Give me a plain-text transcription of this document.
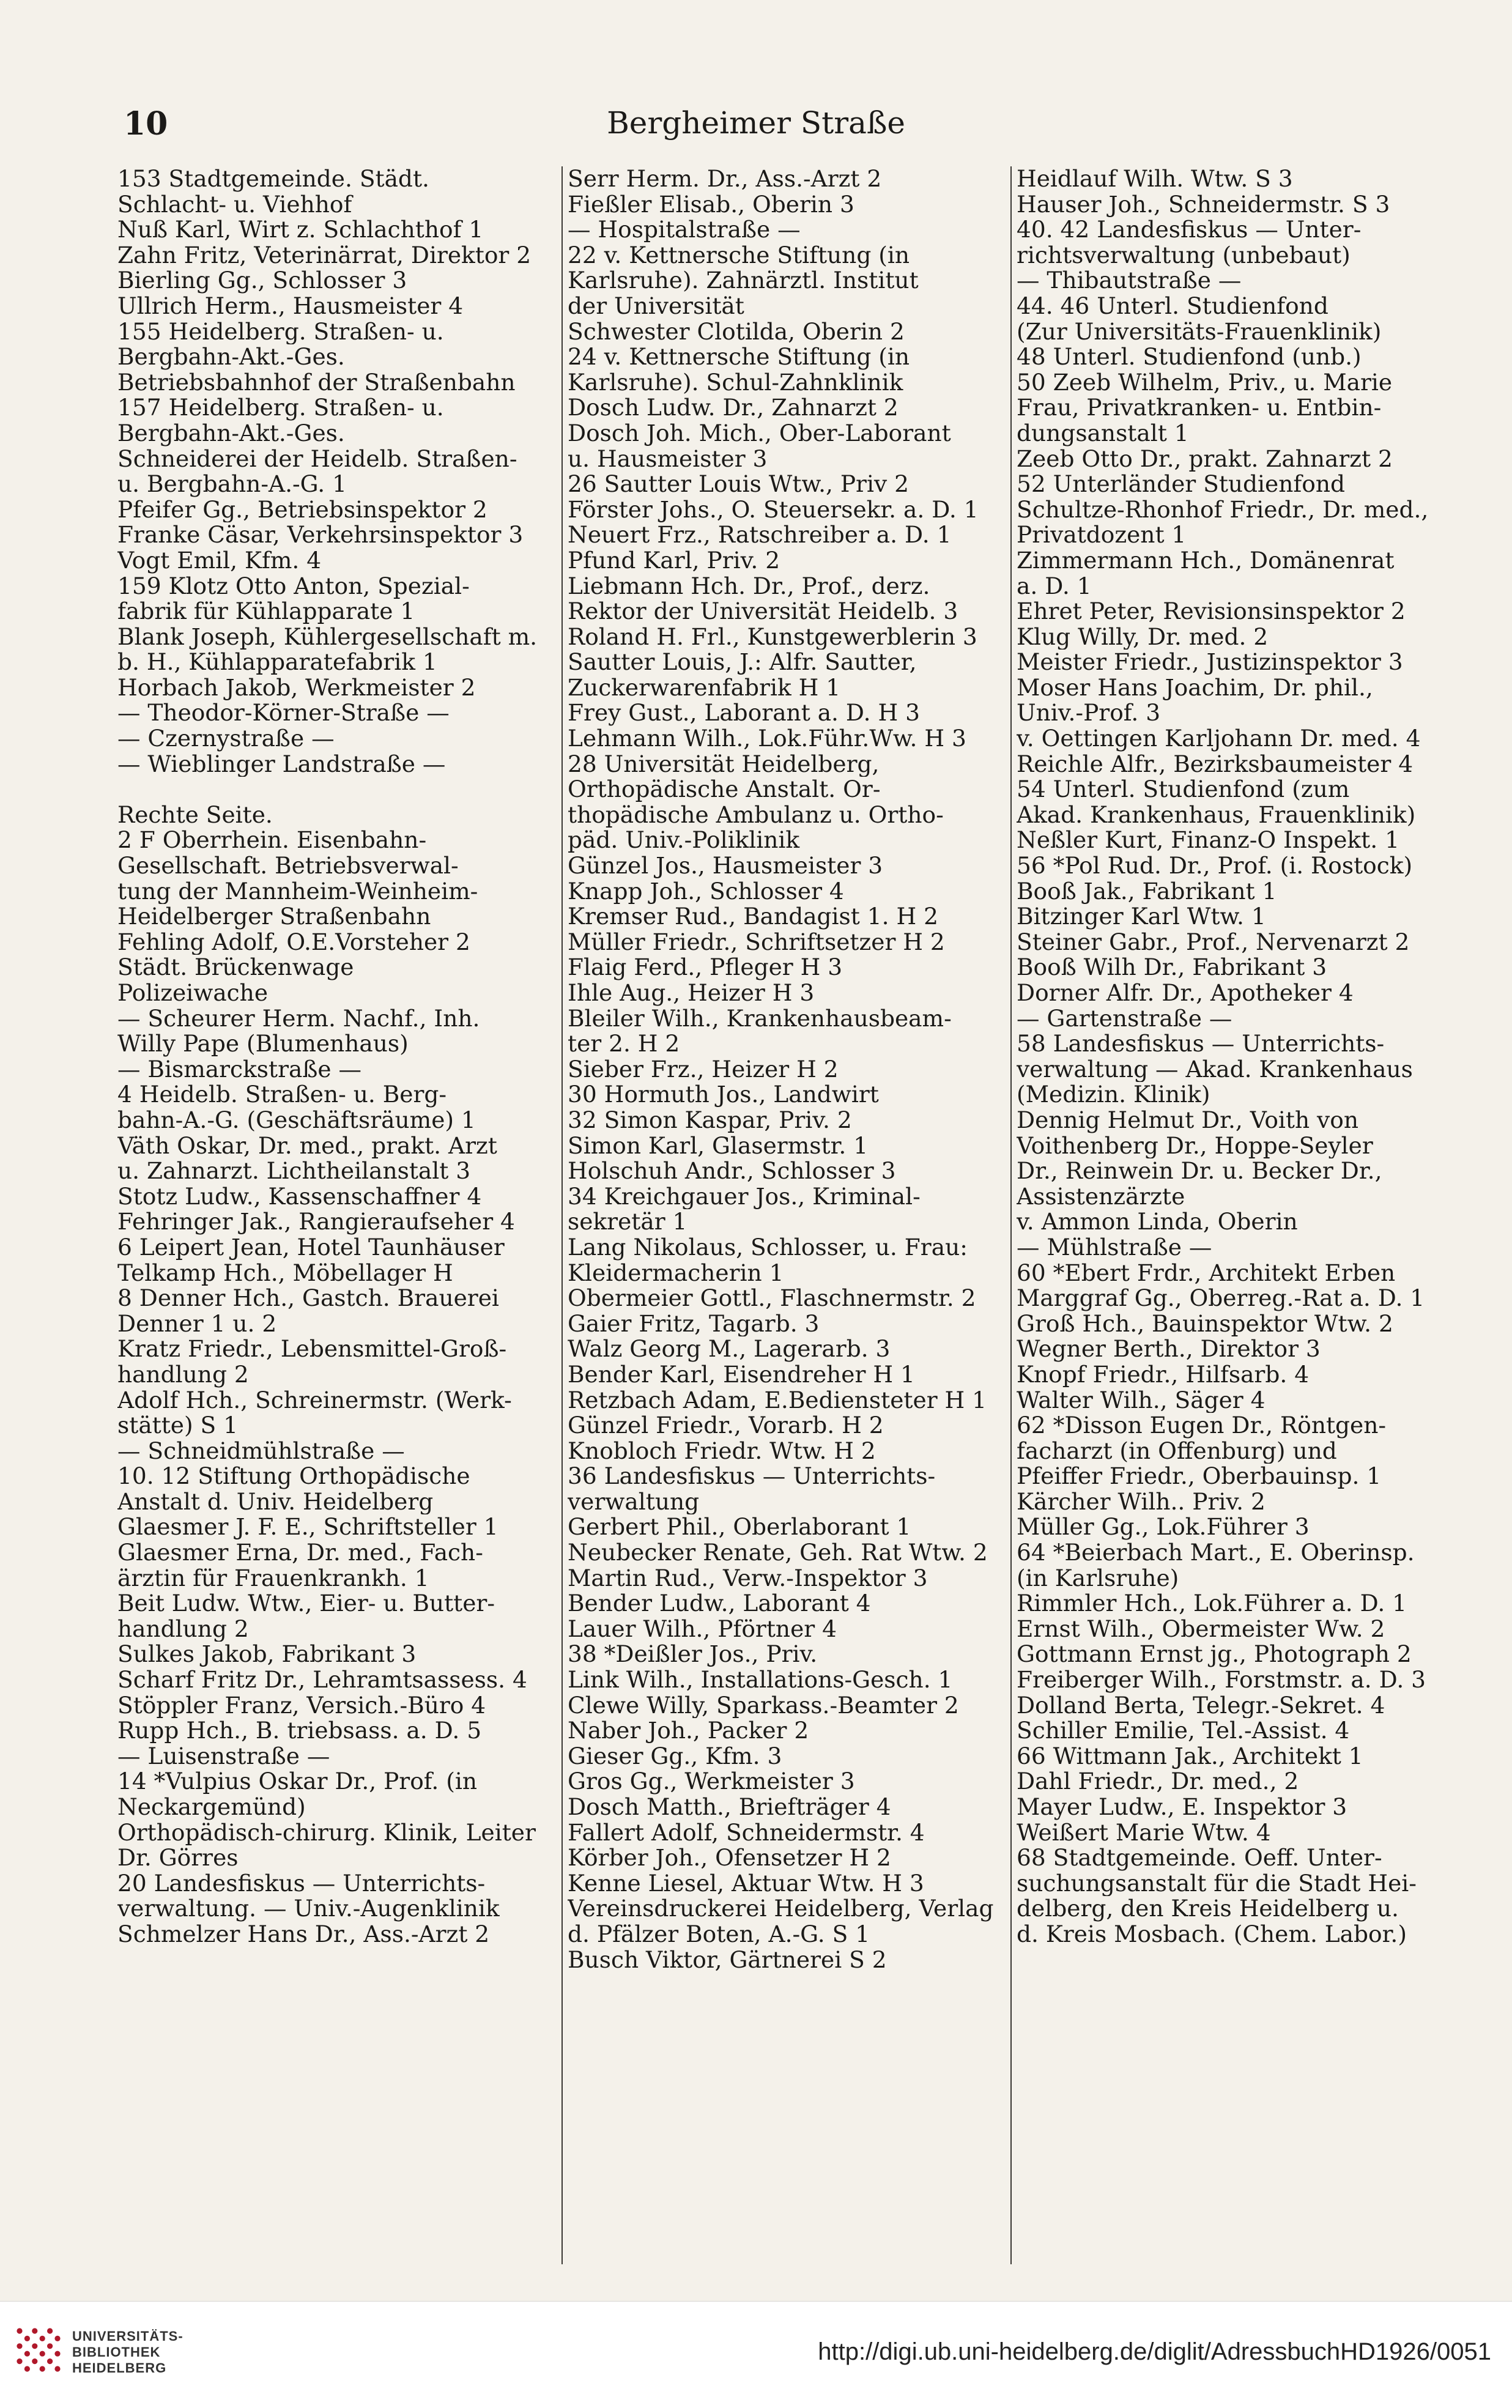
10	Bergheimer Straße
153 Stadtgemeinde. Städt.
Schlacht- u. Viehhof
Nuß Karl, Wirt z. Schlachthof 1
Zahn Fritz, Veterinärrat, Direktor 2
Bierling Gg., Schlosser 3
Ullrich Herm., Hausmeister 4
155 Heidelberg. Straßen- u.
Bergbahn-Akt.-Ges.
Betriebsbahnhof der Straßenbahn
157 Heidelberg. Straßen- u.
Bergbahn-Akt.-Ges.
Schneiderei der Heidelb. Straßen-
u. Bergbahn-A.-G. 1
Pfeifer Gg., Betriebsinspektor 2
Franke Cäsar, Verkehrsinspektor 3
Vogt Emil, Kfm. 4
159 Klotz Otto Anton, Spezial-
fabrik für Kühlapparate 1
Blank Joseph, Kühlergesellschaft m.
b. H., Kühlapparatefabrik 1
Horbach Jakob, Werkmeister 2
— Theodor-Körner-Straße —
— Czernystraße —
— Wieblinger Landstraße —
Rechte Seite.
2 F Oberrhein. Eisenbahn-
Gesellschaft. Betriebsverwal-
tung der Mannheim-Weinheim-
Heidelberger Straßenbahn
Fehling Adolf, O.E.Vorsteher 2
Städt. Brückenwage
Polizeiwache
— Scheurer Herm. Nachf., Inh.
Willy Pape (Blumenhaus)
— Bismarckstraße —
4 Heidelb. Straßen- u. Berg-
bahn-A.-G. (Geschäftsräume) 1
Väth Oskar, Dr. med., prakt. Arzt
u. Zahnarzt. Lichtheilanstalt 3
Stotz Ludw., Kassenschaffner 4
Fehringer Jak., Rangieraufseher 4
6 Leipert Jean, Hotel Taunhäuser
Telkamp Hch., Möbellager H
8 Denner Hch., Gastch. Brauerei
Denner 1 u. 2
Kratz Friedr., Lebensmittel-Groß-
handlung 2
Adolf Hch., Schreinermstr. (Werk-
stätte) S 1
— Schneidmühlstraße —
10. 12 Stiftung Orthopädische
Anstalt d. Univ. Heidelberg
Glaesmer J. F. E., Schriftsteller 1
Glaesmer Erna, Dr. med., Fach-
ärztin für Frauenkrankh. 1
Beit Ludw. Wtw., Eier- u. Butter-
handlung 2
Sulkes Jakob, Fabrikant 3
Scharf Fritz Dr., Lehramtsassess. 4
Stöppler Franz, Versich.-Büro 4
Rupp Hch., B. triebsass. a. D. 5
— Luisenstraße —
14 *Vulpius Oskar Dr., Prof. (in
Neckargemünd)
Orthopädisch-chirurg. Klinik, Leiter
Dr. Görres
20 Landesfiskus — Unterrichts-
verwaltung. — Univ.-Augenklinik
Schmelzer Hans Dr., Ass.-Arzt 2
Serr Herm. Dr., Ass.-Arzt 2
Fießler Elisab., Oberin 3
— Hospitalstraße —
22 v. Kettnersche Stiftung (in
Karlsruhe). Zahnärztl. Institut
der Universität
Schwester Clotilda, Oberin 2
24 v. Kettnersche Stiftung (in
Karlsruhe). Schul-Zahnklinik
Dosch Ludw. Dr., Zahnarzt 2
Dosch Joh. Mich., Ober-Laborant
u. Hausmeister 3
26 Sautter Louis Wtw., Priv 2
Förster Johs., O. Steuersekr. a. D. 1
Neuert Frz., Ratschreiber a. D. 1
Pfund Karl, Priv. 2
Liebmann Hch. Dr., Prof., derz.
Rektor der Universität Heidelb. 3
Roland H. Frl., Kunstgewerblerin 3
Sautter Louis, J.: Alfr. Sautter,
Zuckerwarenfabrik H 1
Frey Gust., Laborant a. D. H 3
Lehmann Wilh., Lok.Führ.Ww. H 3
28 Universität Heidelberg,
Orthopädische Anstalt. Or-
thopädische Ambulanz u. Ortho-
päd. Univ.-Poliklinik
Günzel Jos., Hausmeister 3
Knapp Joh., Schlosser 4
Kremser Rud., Bandagist 1. H 2
Müller Friedr., Schriftsetzer H 2
Flaig Ferd., Pfleger H 3
Ihle Aug., Heizer H 3
Bleiler Wilh., Krankenhausbeam-
ter 2. H 2
Sieber Frz., Heizer H 2
30 Hormuth Jos., Landwirt
32 Simon Kaspar, Priv. 2
Simon Karl, Glasermstr. 1
Holschuh Andr., Schlosser 3
34 Kreichgauer Jos., Kriminal-
sekretär 1
Lang Nikolaus, Schlosser, u. Frau:
Kleidermacherin 1
Obermeier Gottl., Flaschnermstr. 2
Gaier Fritz, Tagarb. 3
Walz Georg M., Lagerarb. 3
Bender Karl, Eisendreher H 1
Retzbach Adam, E.Bediensteter H 1
Günzel Friedr., Vorarb. H 2
Knobloch Friedr. Wtw. H 2
36 Landesfiskus — Unterrichts-
verwaltung
Gerbert Phil., Oberlaborant 1
Neubecker Renate, Geh. Rat Wtw. 2
Martin Rud., Verw.-Inspektor 3
Bender Ludw., Laborant 4
Lauer Wilh., Pförtner 4
38 *Deißler Jos., Priv.
Link Wilh., Installations-Gesch. 1
Clewe Willy, Sparkass.-Beamter 2
Naber Joh., Packer 2
Gieser Gg., Kfm. 3
Gros Gg., Werkmeister 3
Dosch Matth., Briefträger 4
Fallert Adolf, Schneidermstr. 4
Körber Joh., Ofensetzer H 2
Kenne Liesel, Aktuar Wtw. H 3
Vereinsdruckerei Heidelberg, Verlag
d. Pfälzer Boten, A.-G. S 1
Busch Viktor, Gärtnerei S 2
Heidlauf Wilh. Wtw. S 3
Hauser Joh., Schneidermstr. S 3
40. 42 Landesfiskus — Unter-
richtsverwaltung (unbebaut)
— Thibautstraße —
44. 46 Unterl. Studienfond
(Zur Universitäts-Frauenklinik)
48 Unterl. Studienfond (unb.)
50 Zeeb Wilhelm, Priv., u. Marie
Frau, Privatkranken- u. Entbin-
dungsanstalt 1
Zeeb Otto Dr., prakt. Zahnarzt 2
52 Unterländer Studienfond
Schultze-Rhonhof Friedr., Dr. med.,
Privatdozent 1
Zimmermann Hch., Domänenrat
a. D. 1
Ehret Peter, Revisionsinspektor 2
Klug Willy, Dr. med. 2
Meister Friedr., Justizinspektor 3
Moser Hans Joachim, Dr. phil.,
Univ.-Prof. 3
v. Oettingen Karljohann Dr. med. 4
Reichle Alfr., Bezirksbaumeister 4
54 Unterl. Studienfond (zum
Akad. Krankenhaus, Frauenklinik)
Neßler Kurt, Finanz-O Inspekt. 1
56 *Pol Rud. Dr., Prof. (i. Rostock)
Booß Jak., Fabrikant 1
Bitzinger Karl Wtw. 1
Steiner Gabr., Prof., Nervenarzt 2
Booß Wilh Dr., Fabrikant 3
Dorner Alfr. Dr., Apotheker 4
— Gartenstraße —
58 Landesfiskus — Unterrichts-
verwaltung — Akad. Krankenhaus
(Medizin. Klinik)
Dennig Helmut Dr., Voith von
Voithenberg Dr., Hoppe-Seyler
Dr., Reinwein Dr. u. Becker Dr.,
Assistenzärzte
v. Ammon Linda, Oberin
— Mühlstraße —
60 *Ebert Frdr., Architekt Erben
Marggraf Gg., Oberreg.-Rat a. D. 1
Groß Hch., Bauinspektor Wtw. 2
Wegner Berth., Direktor 3
Knopf Friedr., Hilfsarb. 4
Walter Wilh., Säger 4
62 *Disson Eugen Dr., Röntgen-
facharzt (in Offenburg) und
Pfeiffer Friedr., Oberbauinsp. 1
Kärcher Wilh.. Priv. 2
Müller Gg., Lok.Führer 3
64 *Beierbach Mart., E. Oberinsp.
(in Karlsruhe)
Rimmler Hch., Lok.Führer a. D. 1
Ernst Wilh., Obermeister Ww. 2
Gottmann Ernst jg., Photograph 2
Freiberger Wilh., Forstmstr. a. D. 3
Dolland Berta, Telegr.-Sekret. 4
Schiller Emilie, Tel.-Assist. 4
66 Wittmann Jak., Architekt 1
Dahl Friedr., Dr. med., 2
Mayer Ludw., E. Inspektor 3
Weißert Marie Wtw. 4
68 Stadtgemeinde. Oeff. Unter-
suchungsanstalt für die Stadt Hei-
delberg, den Kreis Heidelberg u.
d. Kreis Mosbach. (Chem. Labor.)
UNIVERSITÄTS-
BIBLIOTHEK
HEIDELBERG
http://digi.ub.uni-heidelberg.de/diglit/AdressbuchHD1926/0051
